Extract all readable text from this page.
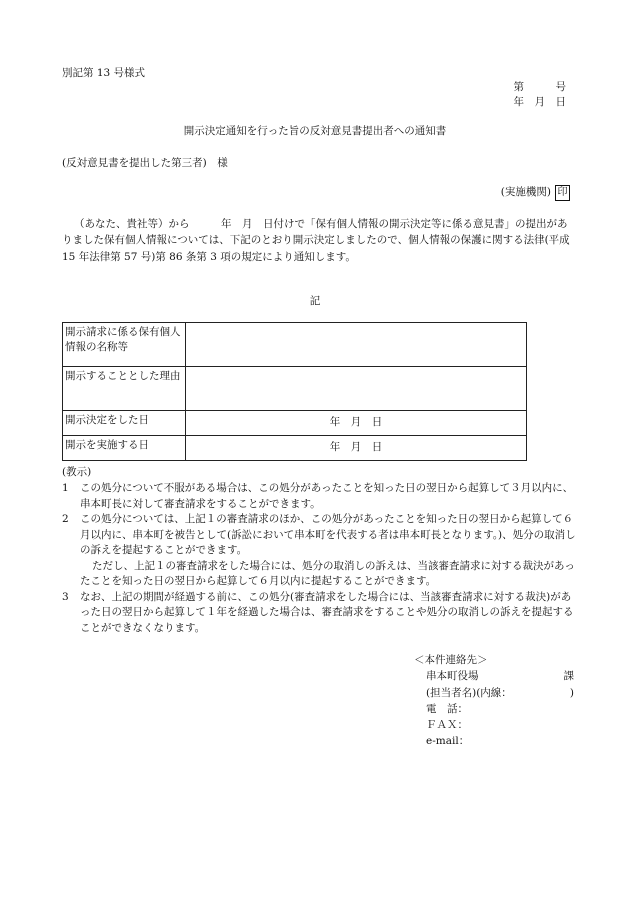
別記第 13 号様式
第　　　号
年　月　日
開示決定通知を行った旨の反対意見書提出者への通知書
(反対意見書を提出した第三者)　様
(実施機関) 印
（あなた、貴社等）から　　　年　月　日付けで「保有個人情報の開示決定等に係る意見書」の提出がありました保有個人情報については、下記のとおり開示決定しましたので、個人情報の保護に関する法律(平成 15 年法律第 57 号)第 86 条第 3 項の規定により通知します。
記
開示請求に係る保有個人情報の名称等	
開示することとした理由	
開示決定をした日	年　月　日
開示を実施する日	年　月　日
(教示)
1	この処分について不服がある場合は、この処分があったことを知った日の翌日から起算して３月以内に、串本町長に対して審査請求をすることができます。
2	この処分については、上記１の審査請求のほか、この処分があったことを知った日の翌日から起算して６月以内に、串本町を被告として(訴訟において串本町を代表する者は串本町長となります。)、処分の取消しの訴えを提起することができます。
ただし、上記１の審査請求をした場合には、処分の取消しの訴えは、当該審査請求に対する裁決があったことを知った日の翌日から起算して６月以内に提起することができます。
3	なお、上記の期間が経過する前に、この処分(審査請求をした場合には、当該審査請求に対する裁決)があった日の翌日から起算して１年を経過した場合は、審査請求をすることや処分の取消しの訴えを提起することができなくなります。
＜本件連絡先＞
串本町役場	課
(担当者名)(内線：	)
電　話：
ＦＡＸ：
e-mail：
